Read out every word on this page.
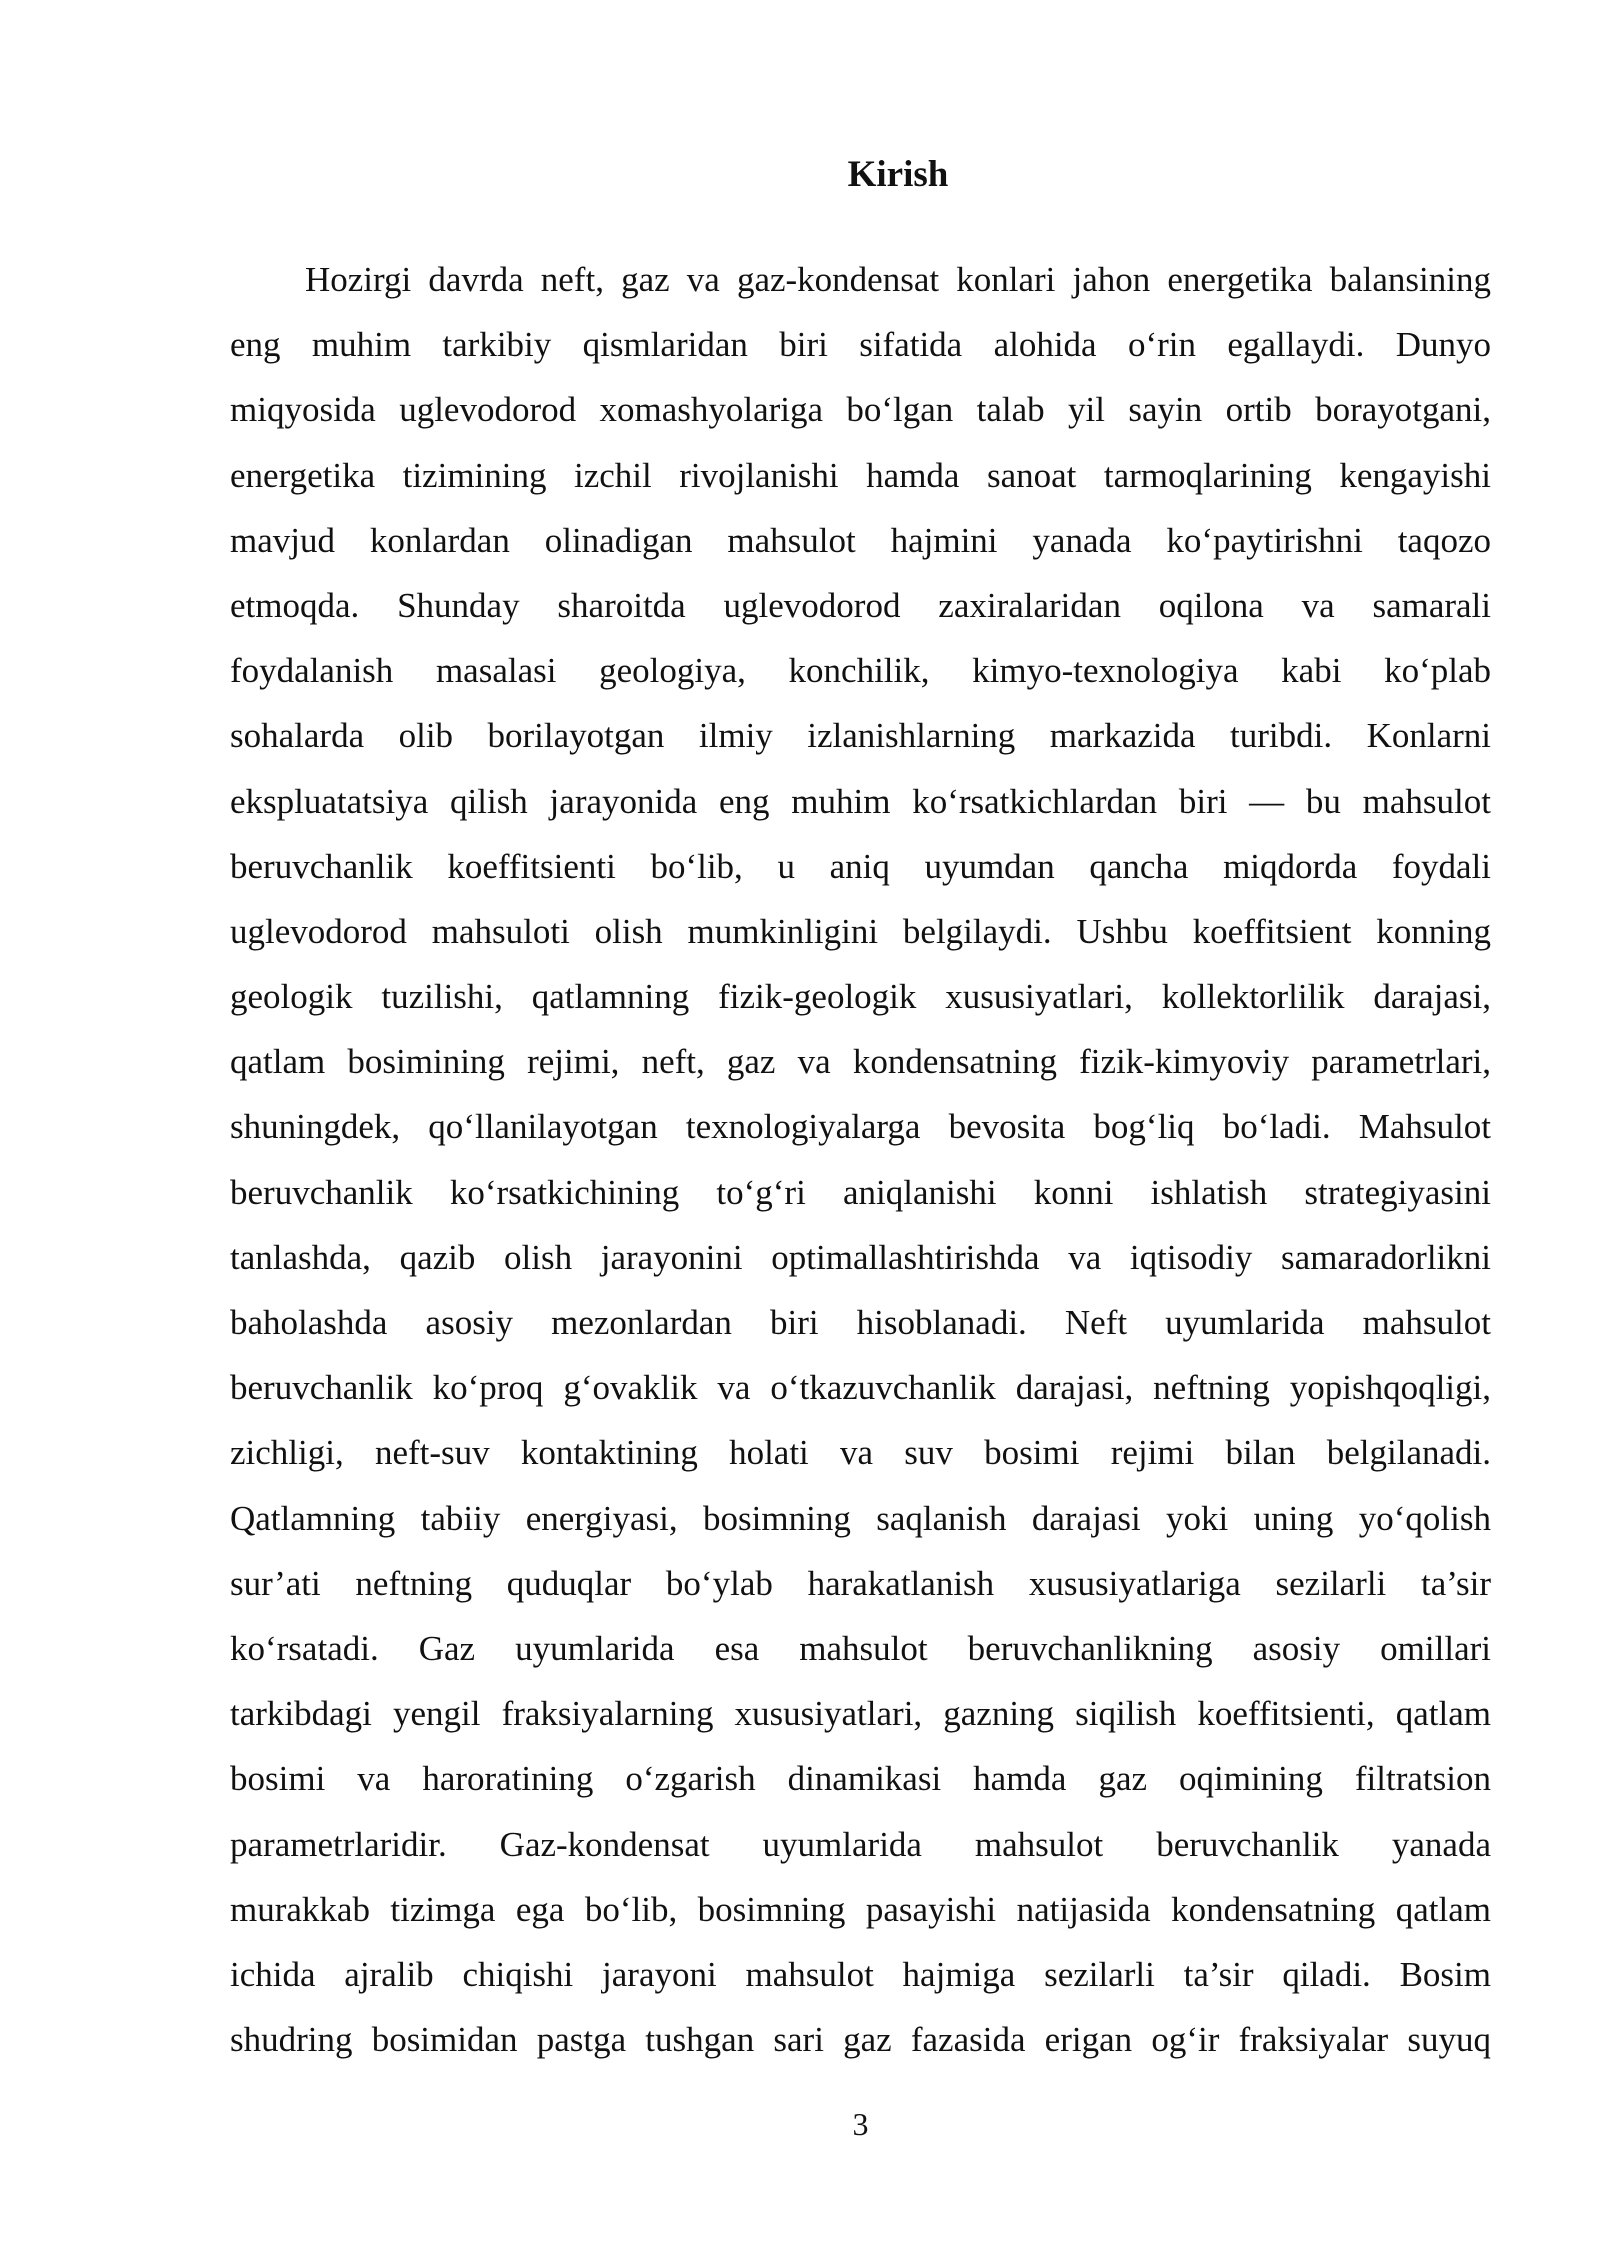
Kirish
Hozirgi davrda neft, gaz va gaz-kondensat konlari jahon energetika balansining
eng muhim tarkibiy qismlaridan biri sifatida alohida o‘rin egallaydi. Dunyo
miqyosida uglevodorod xomashyolariga bo‘lgan talab yil sayin ortib borayotgani,
energetika tizimining izchil rivojlanishi hamda sanoat tarmoqlarining kengayishi
mavjud konlardan olinadigan mahsulot hajmini yanada ko‘paytirishni taqozo
etmoqda. Shunday sharoitda uglevodorod zaxiralaridan oqilona va samarali
foydalanish masalasi geologiya, konchilik, kimyo-texnologiya kabi ko‘plab
sohalarda olib borilayotgan ilmiy izlanishlarning markazida turibdi. Konlarni
ekspluatatsiya qilish jarayonida eng muhim ko‘rsatkichlardan biri — bu mahsulot
beruvchanlik koeffitsienti bo‘lib, u aniq uyumdan qancha miqdorda foydali
uglevodorod mahsuloti olish mumkinligini belgilaydi. Ushbu koeffitsient konning
geologik tuzilishi, qatlamning fizik-geologik xususiyatlari, kollektorlilik darajasi,
qatlam bosimining rejimi, neft, gaz va kondensatning fizik-kimyoviy parametrlari,
shuningdek, qo‘llanilayotgan texnologiyalarga bevosita bog‘liq bo‘ladi. Mahsulot
beruvchanlik ko‘rsatkichining to‘g‘ri aniqlanishi konni ishlatish strategiyasini
tanlashda, qazib olish jarayonini optimallashtirishda va iqtisodiy samaradorlikni
baholashda asosiy mezonlardan biri hisoblanadi. Neft uyumlarida mahsulot
beruvchanlik ko‘proq g‘ovaklik va o‘tkazuvchanlik darajasi, neftning yopishqoqligi,
zichligi, neft-suv kontaktining holati va suv bosimi rejimi bilan belgilanadi.
Qatlamning tabiiy energiyasi, bosimning saqlanish darajasi yoki uning yo‘qolish
sur’ati neftning quduqlar bo‘ylab harakatlanish xususiyatlariga sezilarli ta’sir
ko‘rsatadi. Gaz uyumlarida esa mahsulot beruvchanlikning asosiy omillari
tarkibdagi yengil fraksiyalarning xususiyatlari, gazning siqilish koeffitsienti, qatlam
bosimi va haroratining o‘zgarish dinamikasi hamda gaz oqimining filtratsion
parametrlaridir. Gaz-kondensat uyumlarida mahsulot beruvchanlik yanada
murakkab tizimga ega bo‘lib, bosimning pasayishi natijasida kondensatning qatlam
ichida ajralib chiqishi jarayoni mahsulot hajmiga sezilarli ta’sir qiladi. Bosim
shudring bosimidan pastga tushgan sari gaz fazasida erigan og‘ir fraksiyalar suyuq
3
